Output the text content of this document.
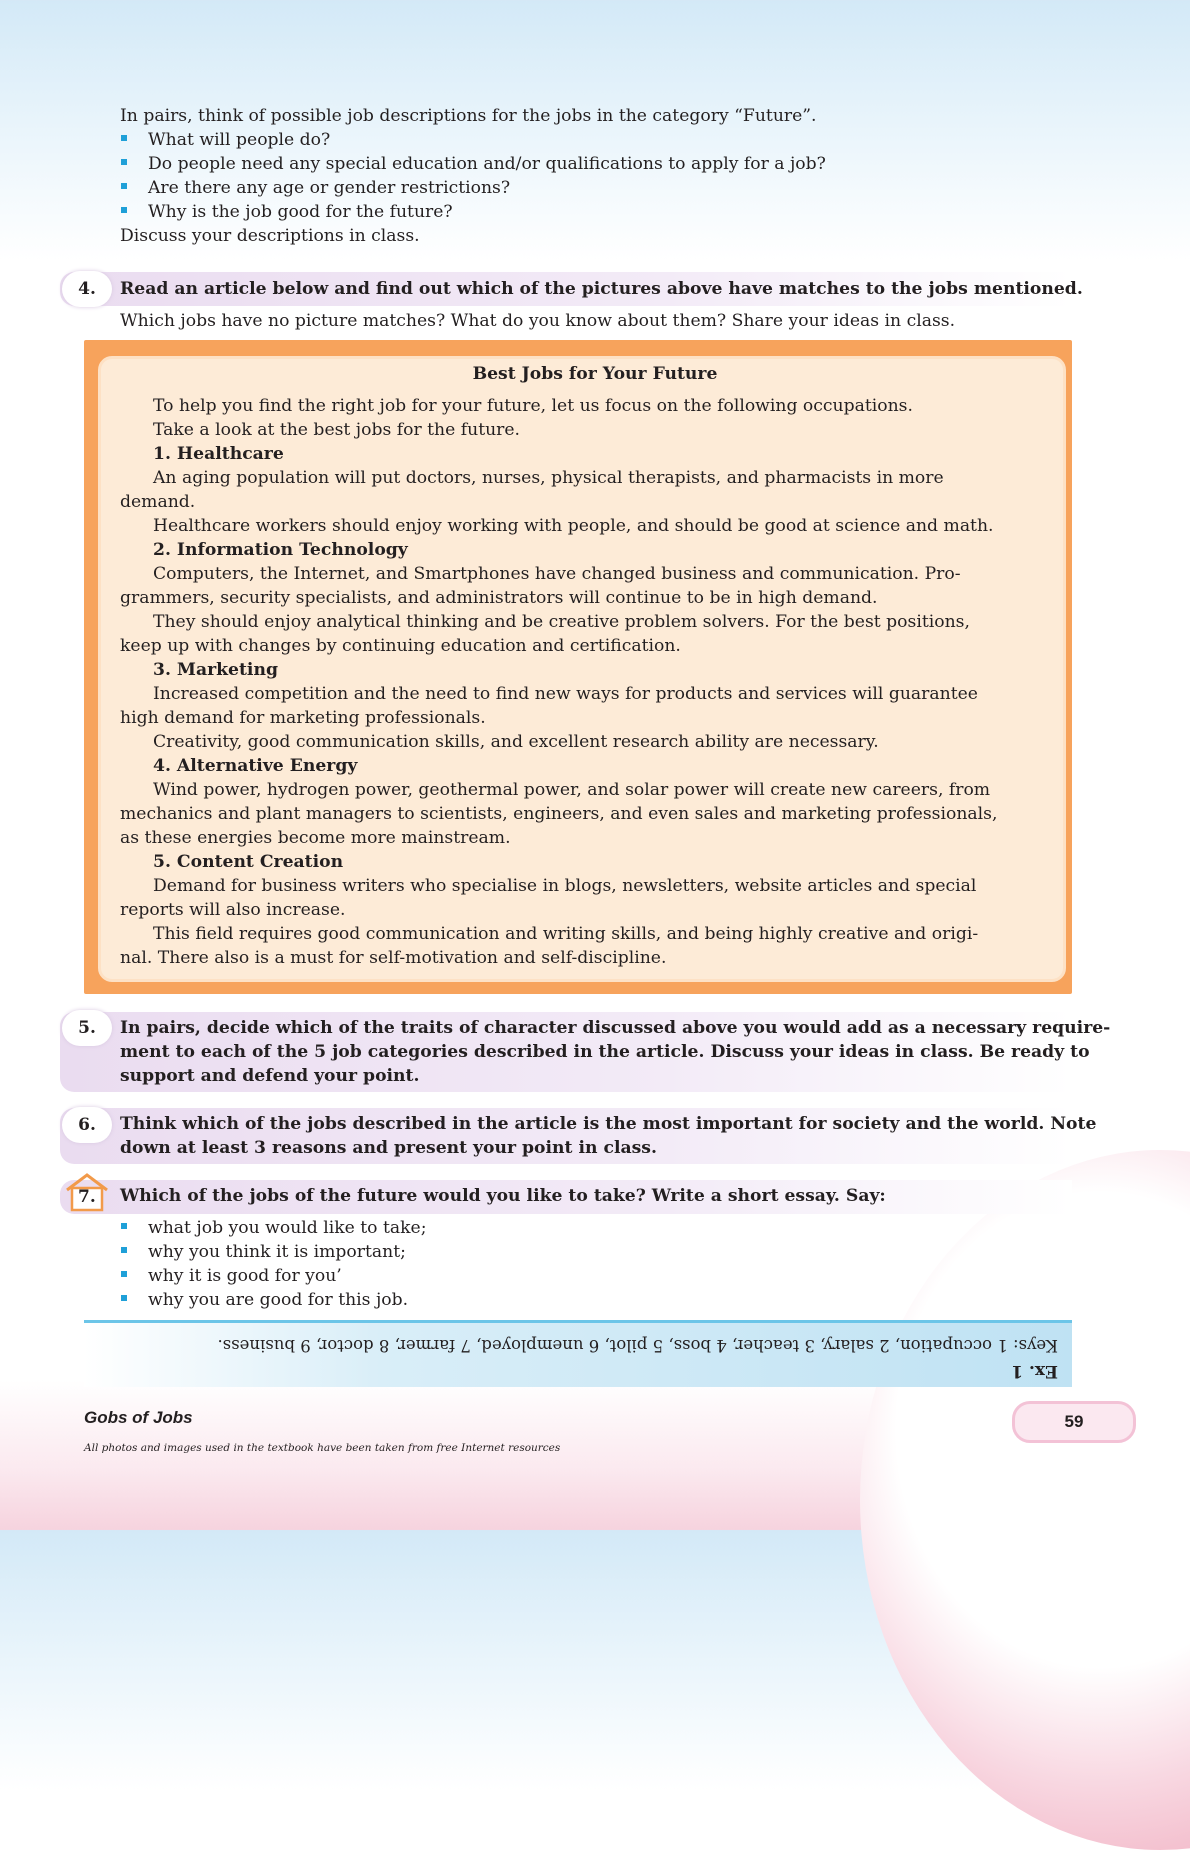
In pairs, think of possible job descriptions for the jobs in the category “Future”.
What will people do?
Do people need any special education and/or qualifications to apply for a job?
Are there any age or gender restrictions?
Why is the job good for the future?
Discuss your descriptions in class.
4.	Read an article below and find out which of the pictures above have matches to the jobs mentioned.
Which jobs have no picture matches? What do you know about them? Share your ideas in class.
Best Jobs for Your Future
To help you find the right job for your future, let us focus on the following occupations.
Take a look at the best jobs for the future.
1. Healthcare
An aging population will put doctors, nurses, physical therapists, and pharmacists in more
demand.
Healthcare workers should enjoy working with people, and should be good at science and math.
2. Information Technology
Computers, the Internet, and Smartphones have changed business and communication. Pro-
grammers, security specialists, and administrators will continue to be in high demand.
They should enjoy analytical thinking and be creative problem solvers. For the best positions,
keep up with changes by continuing education and certification.
3. Marketing
Increased competition and the need to find new ways for products and services will guarantee
high demand for marketing professionals.
Creativity, good communication skills, and excellent research ability are necessary.
4. Alternative Energy
Wind power, hydrogen power, geothermal power, and solar power will create new careers, from
mechanics and plant managers to scientists, engineers, and even sales and marketing professionals,
as these energies become more mainstream.
5. Content Creation
Demand for business writers who specialise in blogs, newsletters, website articles and special
reports will also increase.
This field requires good communication and writing skills, and being highly creative and origi-
nal. There also is a must for self-motivation and self-discipline.
5.	In pairs, decide which of the traits of character discussed above you would add as a necessary require-
ment to each of the 5 job categories described in the article. Discuss your ideas in class. Be ready to
support and defend your point.
6.	Think which of the jobs described in the article is the most important for society and the world. Note
down at least 3 reasons and present your point in class.
7. Which of the jobs of the future would you like to take? Write a short essay. Say:
what job you would like to take;
why you think it is important;
why it is good for you’
why you are good for this job.
Ex. 1
Keys: 1 occupation, 2 salary, 3 teacher, 4 boss, 5 pilot, 6 unemployed, 7 farmer, 8 doctor, 9 business.
Gobs of Jobs	59
All photos and images used in the textbook have been taken from free Internet resources
